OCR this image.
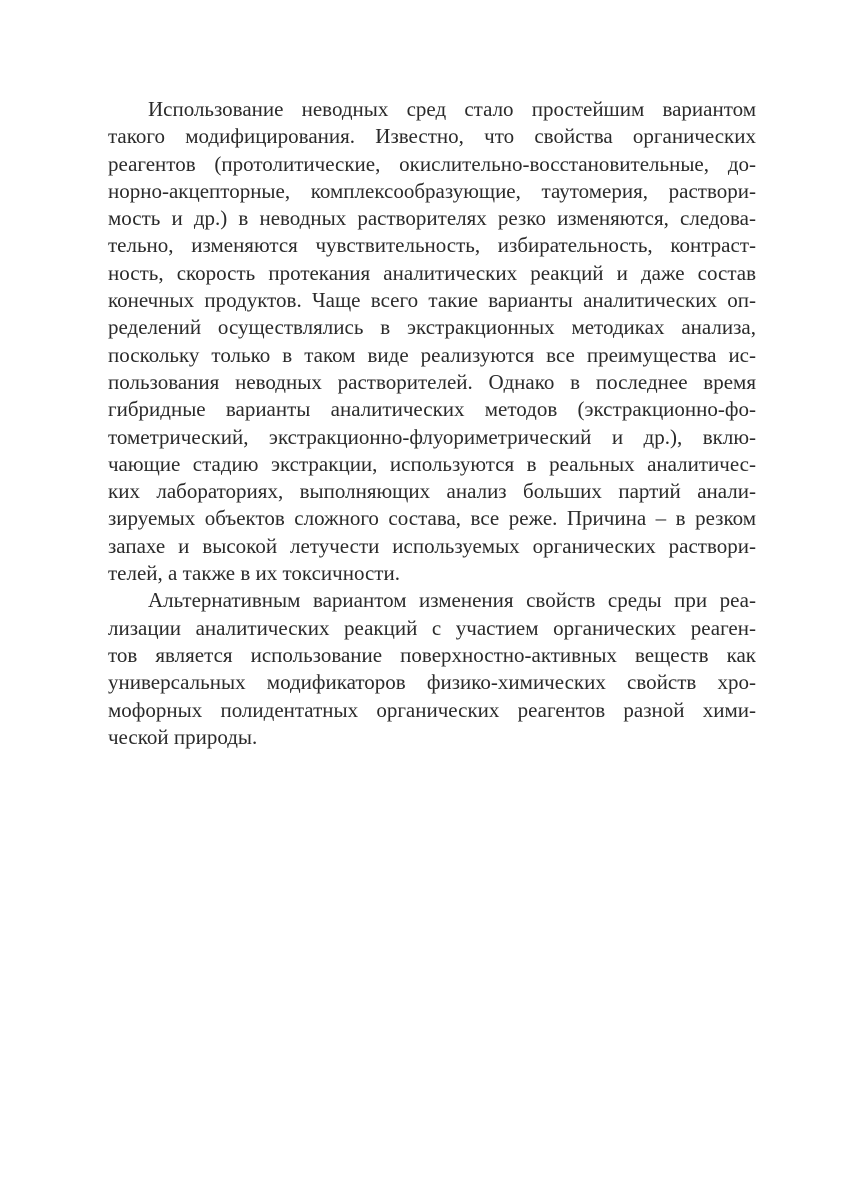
Использование неводных сред стало простейшим вариантом
такого модифицирования. Известно, что свойства органических
реагентов (протолитические, окислительно-восстановительные, до-
норно-акцепторные, комплексообразующие, таутомерия, раствори-
мость и др.) в неводных растворителях резко изменяются, следова-
тельно, изменяются чувствительность, избирательность, контраст-
ность, скорость протекания аналитических реакций и даже состав
конечных продуктов. Чаще всего такие варианты аналитических оп-
ределений осуществлялись в экстракционных методиках анализа,
поскольку только в таком виде реализуются все преимущества ис-
пользования неводных растворителей. Однако в последнее время
гибридные варианты аналитических методов (экстракционно-фо-
тометрический, экстракционно-флуориметрический и др.), вклю-
чающие стадию экстракции, используются в реальных аналитичес-
ких лабораториях, выполняющих анализ больших партий анали-
зируемых объектов сложного состава, все реже. Причина – в резком
запахе и высокой летучести используемых органических раствори-
телей, а также в их токсичности.
Альтернативным вариантом изменения свойств среды при реа-
лизации аналитических реакций с участием органических реаген-
тов является использование поверхностно-активных веществ как
универсальных модификаторов физико-химических свойств хро-
мофорных полидентатных органических реагентов разной хими-
ческой природы.
